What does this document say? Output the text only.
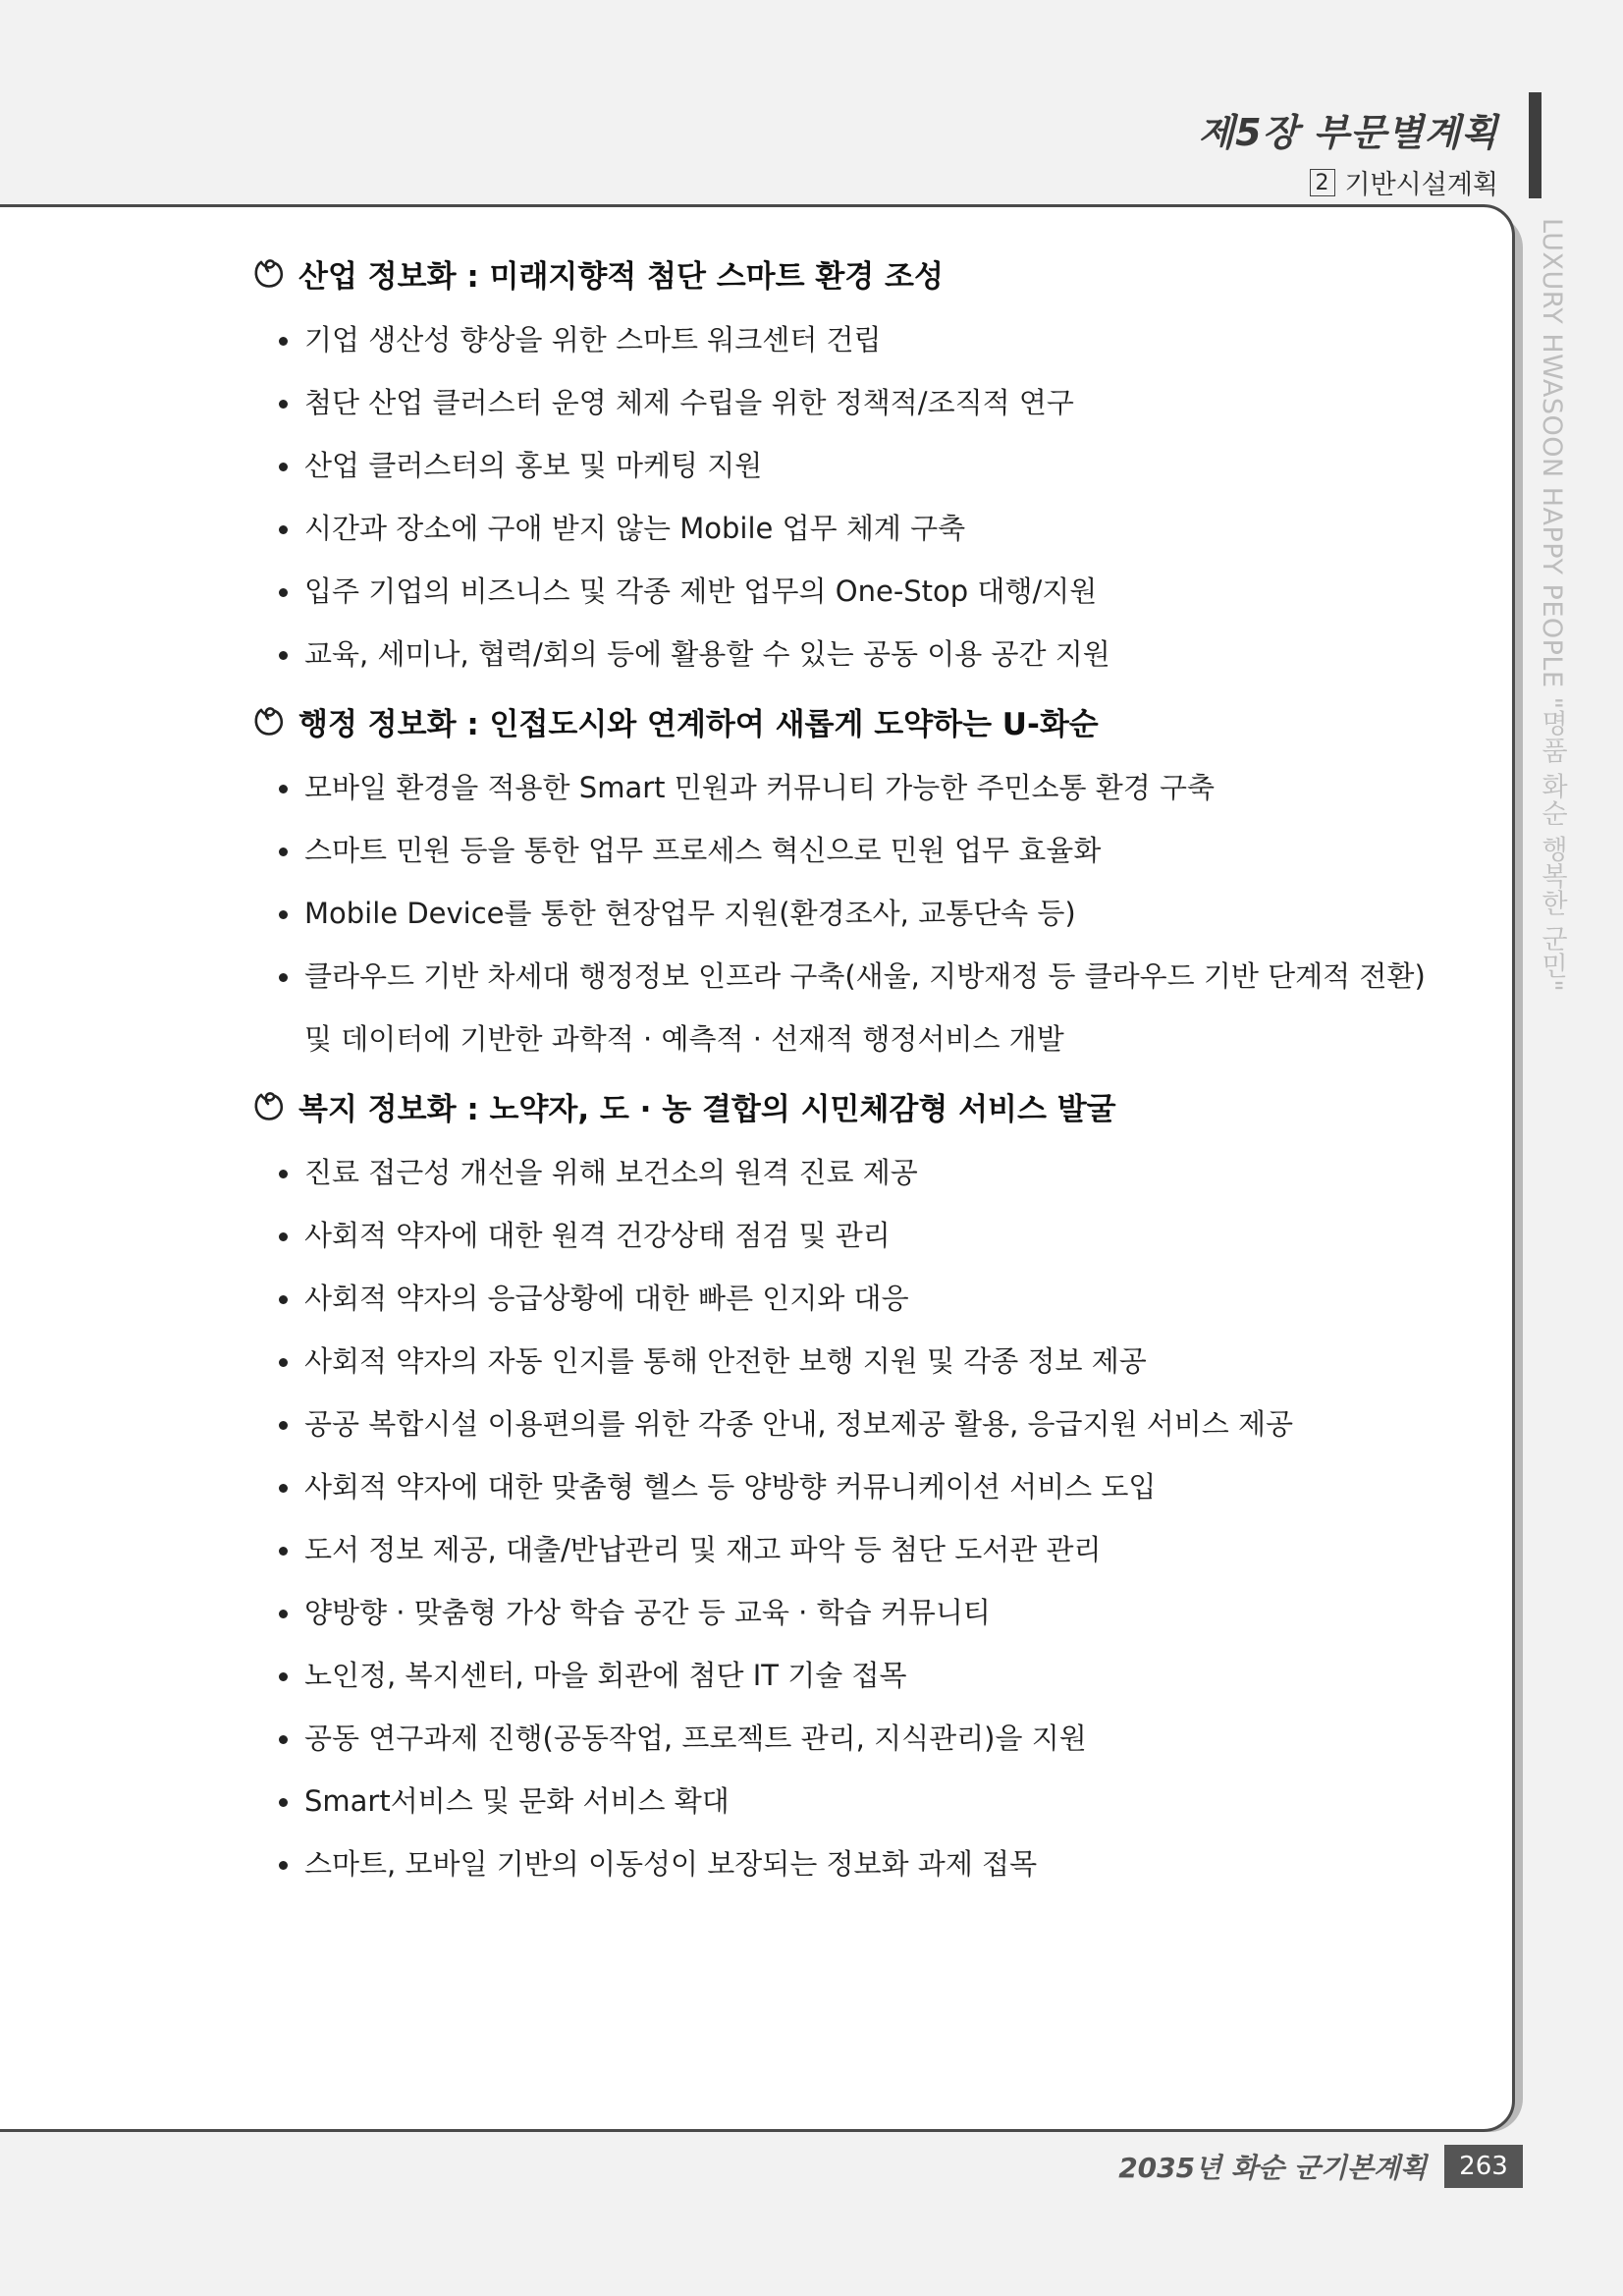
제5장 부문별계획
2 기반시설계획
LUXURY HWASOON HAPPY PEOPLE "명품 화순 행복한 군민"
산업 정보화 : 미래지향적 첨단 스마트 환경 조성
기업 생산성 향상을 위한 스마트 워크센터 건립
첨단 산업 클러스터 운영 체제 수립을 위한 정책적/조직적 연구
산업 클러스터의 홍보 및 마케팅 지원
시간과 장소에 구애 받지 않는 Mobile 업무 체계 구축
입주 기업의 비즈니스 및 각종 제반 업무의 One-Stop 대행/지원
교육, 세미나, 협력/회의 등에 활용할 수 있는 공동 이용 공간 지원
행정 정보화 : 인접도시와 연계하여 새롭게 도약하는 U-화순
모바일 환경을 적용한 Smart 민원과 커뮤니티 가능한 주민소통 환경 구축
스마트 민원 등을 통한 업무 프로세스 혁신으로 민원 업무 효율화
Mobile Device를 통한 현장업무 지원(환경조사, 교통단속 등)
클라우드 기반 차세대 행정정보 인프라 구축(새울, 지방재정 등 클라우드 기반 단계적 전환)
및 데이터에 기반한 과학적 · 예측적 · 선재적 행정서비스 개발
복지 정보화 : 노약자, 도 · 농 결합의 시민체감형 서비스 발굴
진료 접근성 개선을 위해 보건소의 원격 진료 제공
사회적 약자에 대한 원격 건강상태 점검 및 관리
사회적 약자의 응급상황에 대한 빠른 인지와 대응
사회적 약자의 자동 인지를 통해 안전한 보행 지원 및 각종 정보 제공
공공 복합시설 이용편의를 위한 각종 안내, 정보제공 활용, 응급지원 서비스 제공
사회적 약자에 대한 맞춤형 헬스 등 양방향 커뮤니케이션 서비스 도입
도서 정보 제공, 대출/반납관리 및 재고 파악 등 첨단 도서관 관리
양방향 · 맞춤형 가상 학습 공간 등 교육 · 학습 커뮤니티
노인정, 복지센터, 마을 회관에 첨단 IT 기술 접목
공동 연구과제 진행(공동작업, 프로젝트 관리, 지식관리)을 지원
Smart서비스 및 문화 서비스 확대
스마트, 모바일 기반의 이동성이 보장되는 정보화 과제 접목
2035년 화순 군기본계획	263
